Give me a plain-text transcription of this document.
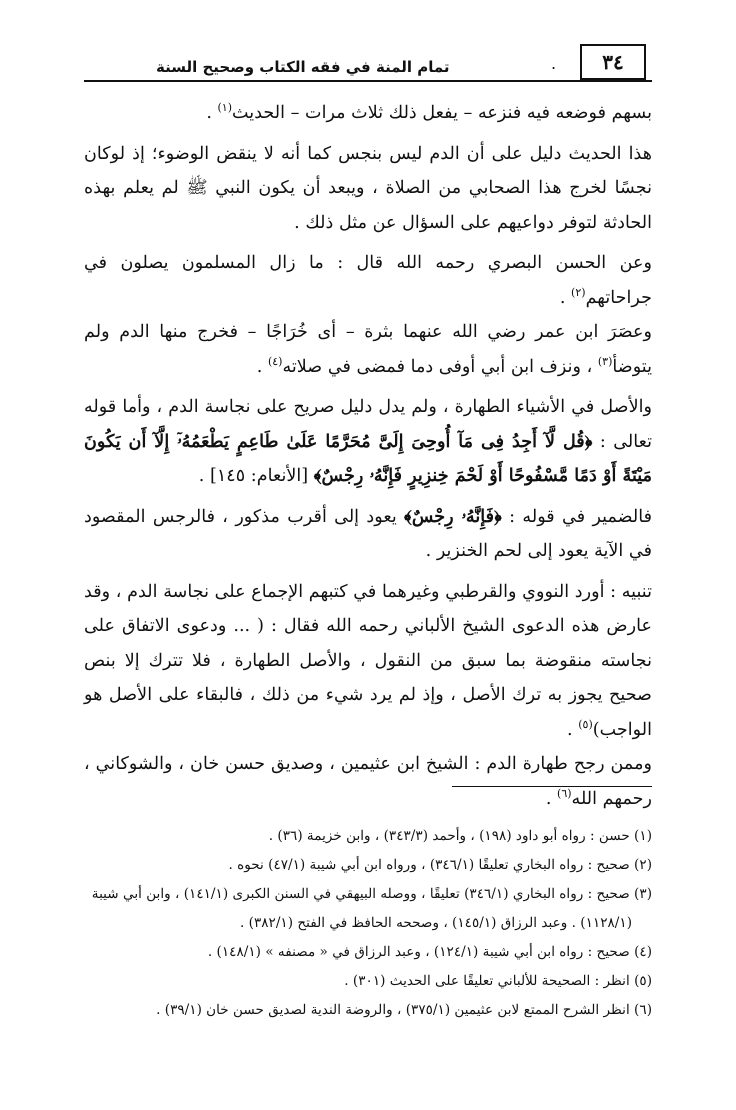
٣٤
.
تمام المنة في فقه الكتاب وصحيح السنة

بسهم فوضعه فيه فنزعه – يفعل ذلك ثلاث مرات – الحديث$^{(١)}$ .

هذا الحديث دليل على أن الدم ليس بنجس كما أنه لا ينقض الوضوء؛ إذ لوكان نجسًا لخرج هذا الصحابي من الصلاة ، ويبعد أن يكون النبي ﷺ لم يعلم بهذه الحادثة لتوفر دواعيهم على السؤال عن مثل ذلك .

وعن الحسن البصري رحمه الله قال : ما زال المسلمون يصلون في جراحاتهم$^{(٢)}$ .

وعصَرَ ابن عمر رضي الله عنهما بثرة – أى خُرَاجًا – فخرج منها الدم ولم يتوضأ$^{(٣)}$ ، ونزف ابن أبي أوفى دما فمضى في صلاته$^{(٤)}$ .

والأصل في الأشياء الطهارة ، ولم يدل دليل صريح على نجاسة الدم ، وأما قوله تعالى : ﴿قُل لَّآ أَجِدُ فِى مَآ أُوحِىَ إِلَىَّ مُحَرَّمًا عَلَىٰ طَاعِمٍ يَطْعَمُهُۥٓ إِلَّآ أَن يَكُونَ مَيْتَةً أَوْ دَمًا مَّسْفُوحًا أَوْ لَحْمَ خِنزِيرٍ فَإِنَّهُۥ رِجْسٌ﴾ [الأنعام: ١٤٥] .

فالضمير في قوله : ﴿فَإِنَّهُۥ رِجْسٌ﴾ يعود إلى أقرب مذكور ، فالرجس المقصود في الآية يعود إلى لحم الخنزير .

تنبيه : أورد النووي والقرطبي وغيرهما في كتبهم الإجماع على نجاسة الدم ، وقد عارض هذه الدعوى الشيخ الألباني رحمه الله فقال : ( ... ودعوى الاتفاق على نجاسته منقوضة بما سبق من النقول ، والأصل الطهارة ، فلا تترك إلا بنص صحيح يجوز به ترك الأصل ، وإذ لم يرد شيء من ذلك ، فالبقاء على الأصل هو الواجب)$^{(٥)}$ .

وممن رجح طهارة الدم : الشيخ ابن عثيمين ، وصديق حسن خان ، والشوكاني ، رحمهم الله$^{(٦)}$ .

(١) حسن : رواه أبو داود (١٩٨) ، وأحمد (٣٤٣/٣) ، وابن خزيمة (٣٦) .

(٢) صحيح : رواه البخاري تعليقًا (٣٤٦/١) ، ورواه ابن أبي شيبة (٤٧/١) نحوه .

(٣) صحيح : رواه البخاري (٣٤٦/١) تعليقًا ، ووصله البيهقي في السنن الكبرى (١٤١/١) ، وابن أبي شيبة

(١١٢٨/١) . وعبد الرزاق (١٤٥/١) ، وصححه الحافظ في الفتح (٣٨٢/١) .

(٤) صحيح : رواه ابن أبي شيبة (١٢٤/١) ، وعبد الرزاق في « مصنفه » (١٤٨/١) .

(٥) انظر : الصحيحة للألباني تعليقًا على الحديث (٣٠١) .

(٦) انظر الشرح الممتع لابن عثيمين (٣٧٥/١) ، والروضة الندية لصديق حسن خان (٣٩/١) .
